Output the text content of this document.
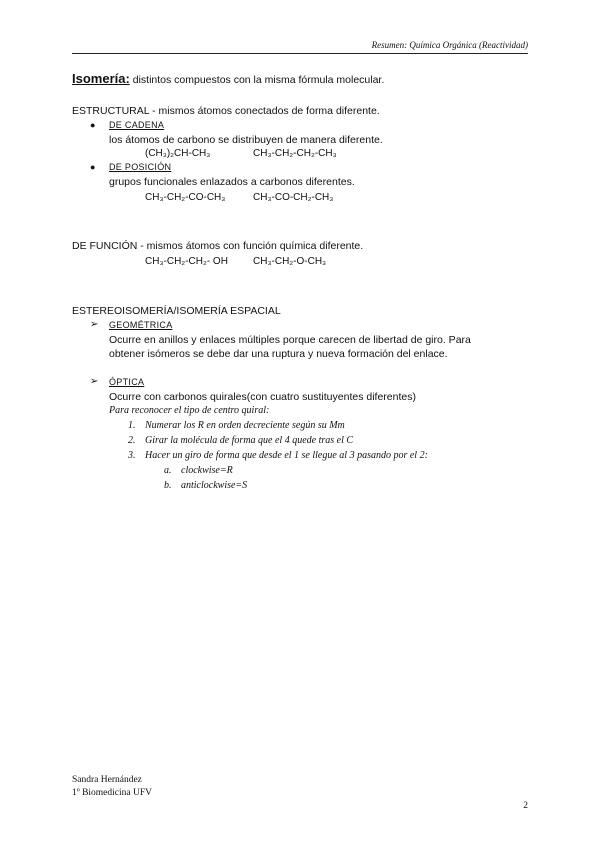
Resumen: Química Orgánica (Reactividad)
Isomería: distintos compuestos con la misma fórmula molecular.
ESTRUCTURAL - mismos átomos conectados de forma diferente.
● DE CADENA
los átomos de carbono se distribuyen de manera diferente.
(CH₃)₂CH-CH₃	CH₃-CH₂-CH₂-CH₃
● DE POSICIÓN
grupos funcionales enlazados a carbonos diferentes.
CH₃-CH₂-CO-CH₃	CH₃-CO-CH₂-CH₃
DE FUNCIÓN - mismos átomos con función química diferente.
CH₃-CH₂-CH₂- OH	CH₃-CH₂-O-CH₃
ESTEREOISOMERÍA/ISOMERÍA ESPACIAL
➢ GEOMÉTRICA
Ocurre en anillos y enlaces múltiples porque carecen de libertad de giro. Para
obtener isómeros se debe dar una ruptura y nueva formación del enlace.
➢ ÓPTICA
Ocurre con carbonos quirales(con cuatro sustituyentes diferentes)
Para reconocer el tipo de centro quiral:
1. Numerar los R en orden decreciente según su Mm
2. Girar la molécula de forma que el 4 quede tras el C
3. Hacer un giro de forma que desde el 1 se llegue al 3 pasando por el 2:
a. clockwise=R
b. anticlockwise=S
Sandra Hernández
1º Biomedicina UFV
2
